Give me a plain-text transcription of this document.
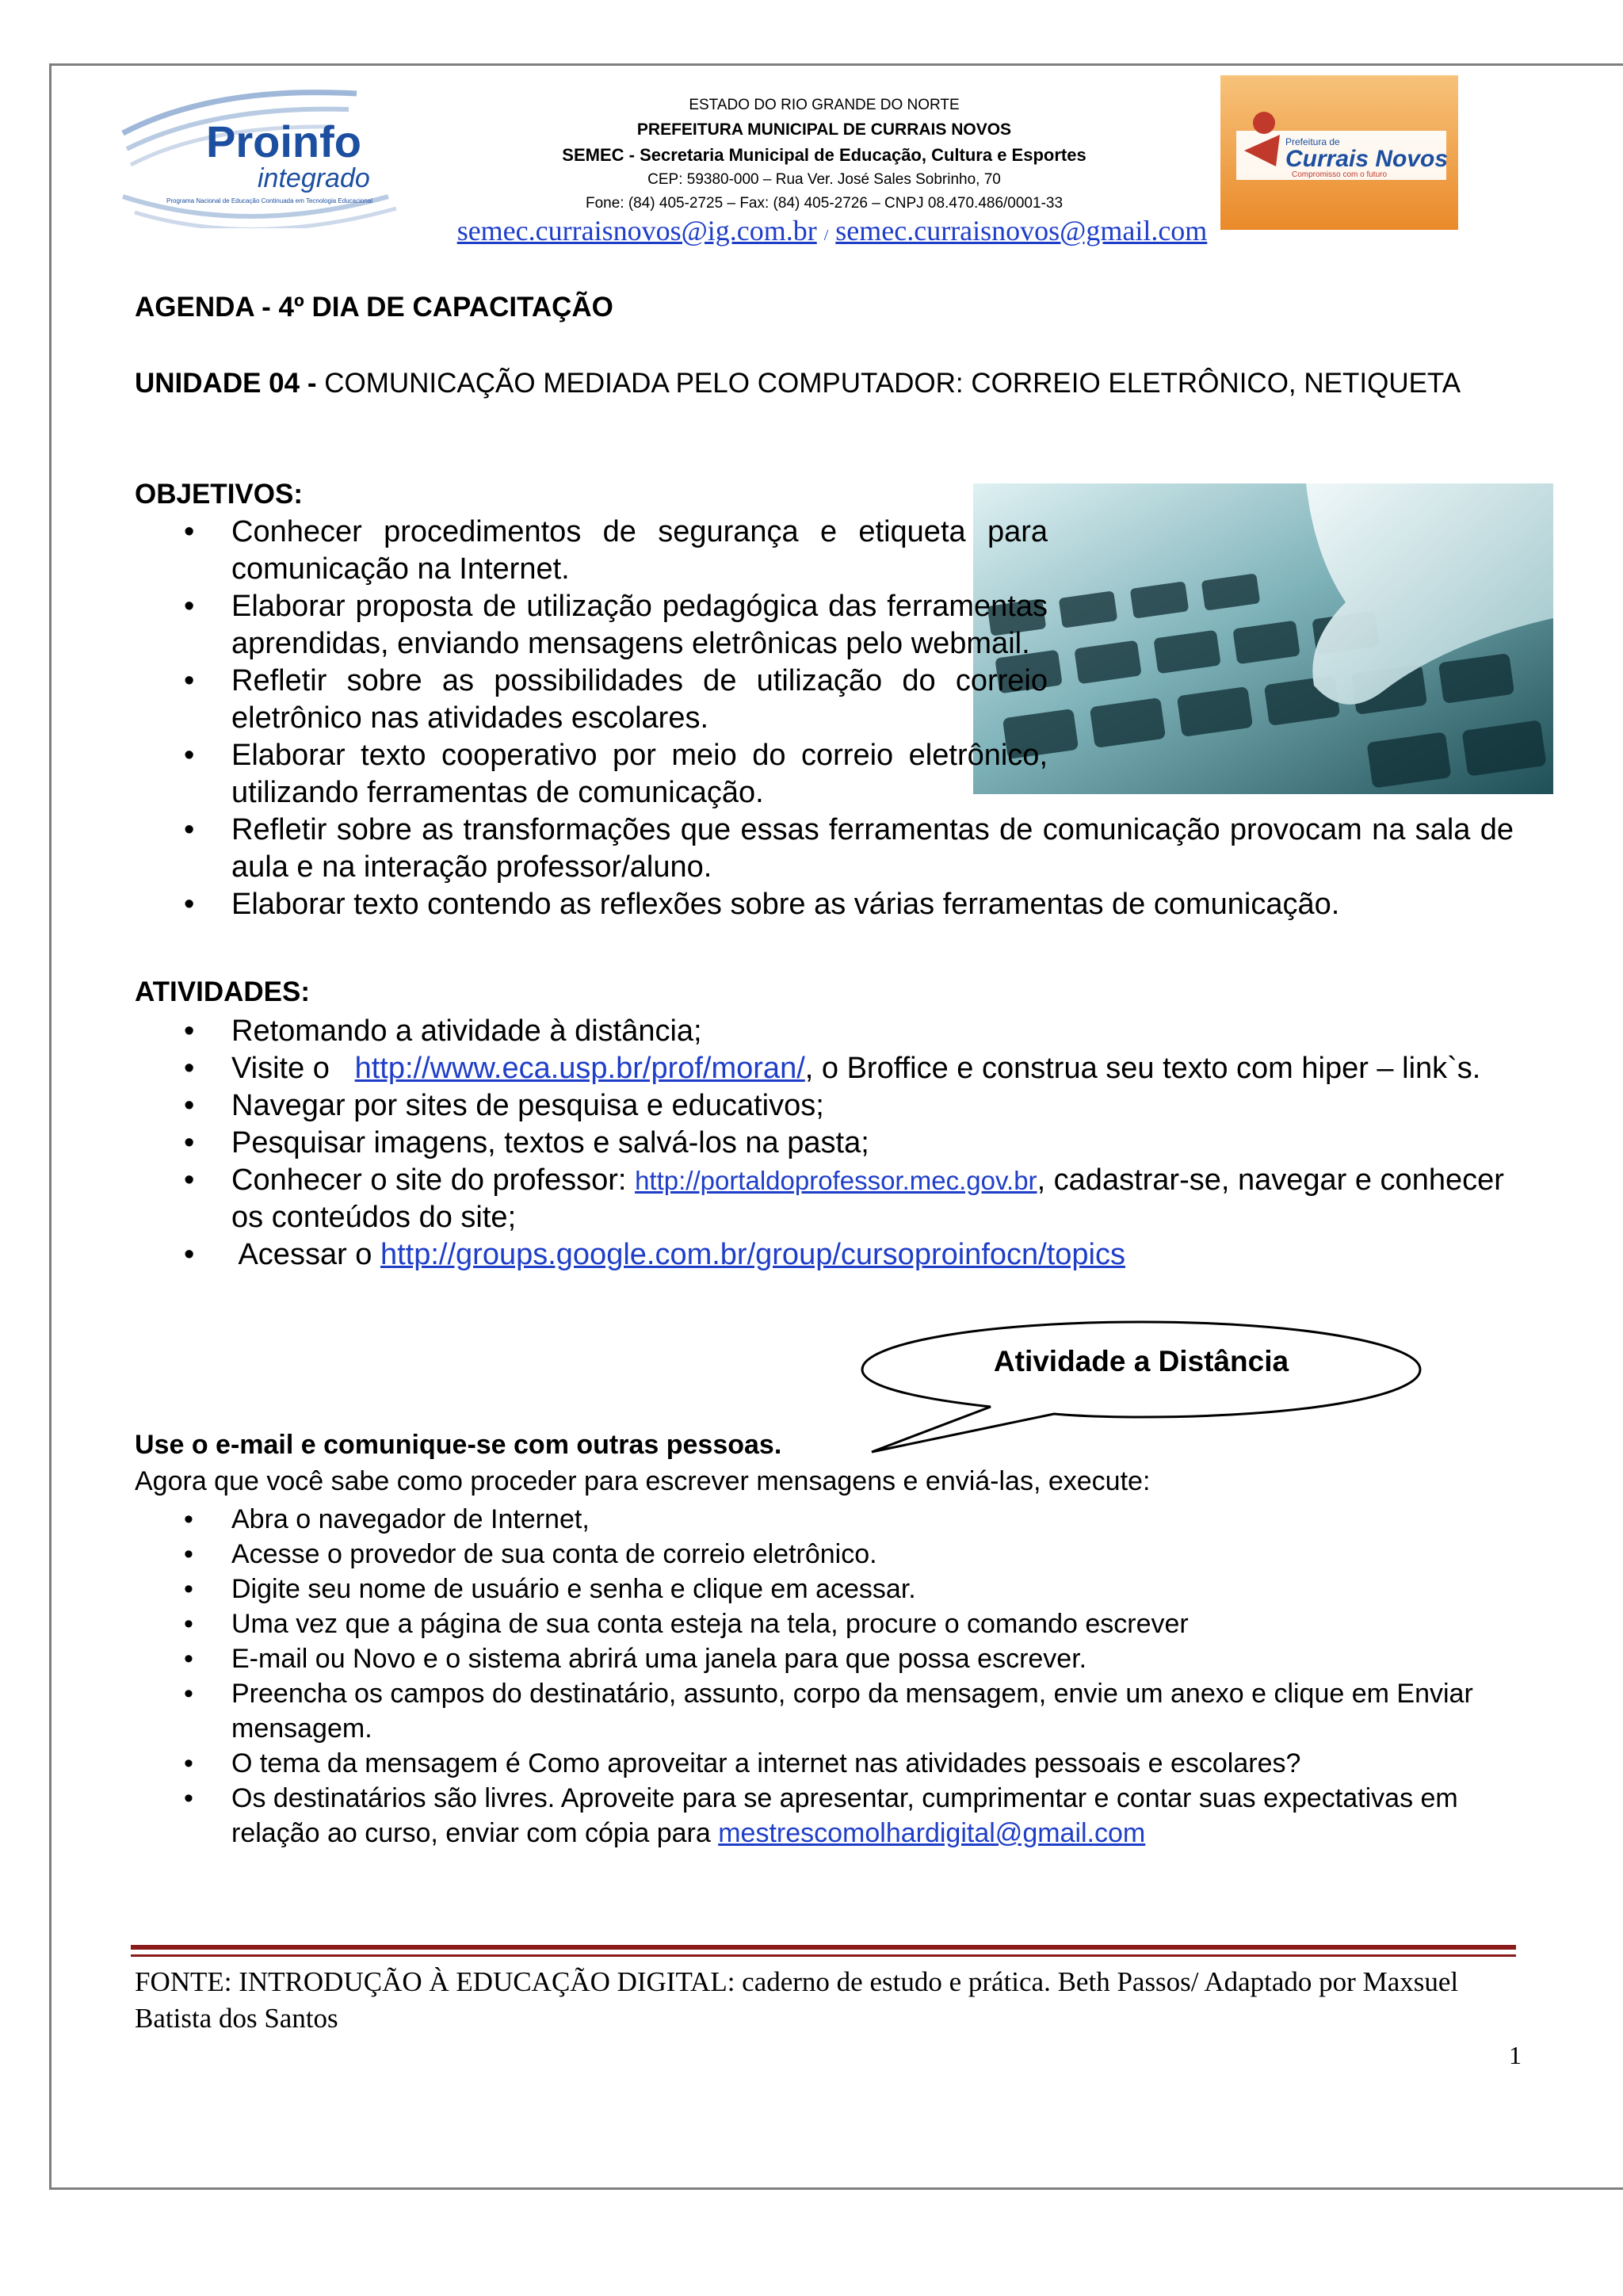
Proinfo
integrado
Programa Nacional de Educação Continuada em Tecnologia Educacional
ESTADO DO RIO GRANDE DO NORTE
PREFEITURA MUNICIPAL DE CURRAIS NOVOS
SEMEC - Secretaria Municipal de Educação, Cultura e Esportes
CEP: 59380-000 – Rua Ver. José Sales Sobrinho, 70
Fone: (84) 405-2725 – Fax: (84) 405-2726 – CNPJ 08.470.486/0001-33
Prefeitura de
Currais Novos
Compromisso com o futuro
semec.curraisnovos@ig.com.br / semec.curraisnovos@gmail.com
AGENDA - 4º DIA DE CAPACITAÇÃO
UNIDADE 04 - COMUNICAÇÃO MEDIADA PELO COMPUTADOR: CORREIO ELETRÔNICO, NETIQUETA
OBJETIVOS:
• Conhecer procedimentos de segurança e etiqueta para comunicação na Internet.
• Elaborar proposta de utilização pedagógica das ferramentas aprendidas, enviando mensagens eletrônicas pelo webmail.
• Refletir sobre as possibilidades de utilização do correio eletrônico nas atividades escolares.
• Elaborar texto cooperativo por meio do correio eletrônico, utilizando ferramentas de comunicação.
• Refletir sobre as transformações que essas ferramentas de comunicação provocam na sala de aula e na interação professor/aluno.
• Elaborar texto contendo as reflexões sobre as várias ferramentas de comunicação.
ATIVIDADES:
• Retomando a atividade à distância;
• Visite o   http://www.eca.usp.br/prof/moran/, o Broffice e construa seu texto com hiper – link`s.
• Navegar por sites de pesquisa e educativos;
• Pesquisar imagens, textos e salvá-los na pasta;
• Conhecer o site do professor: http://portaldoprofessor.mec.gov.br, cadastrar-se, navegar e conhecer os conteúdos do site;
•  Acessar o http://groups.google.com.br/group/cursoproinfocn/topics
Atividade a Distância
Use o e-mail e comunique-se com outras pessoas.
Agora que você sabe como proceder para escrever mensagens e enviá-las, execute:
• Abra o navegador de Internet,
• Acesse o provedor de sua conta de correio eletrônico.
• Digite seu nome de usuário e senha e clique em acessar.
• Uma vez que a página de sua conta esteja na tela, procure o comando escrever
• E-mail ou Novo e o sistema abrirá uma janela para que possa escrever.
• Preencha os campos do destinatário, assunto, corpo da mensagem, envie um anexo e clique em Enviar mensagem.
• O tema da mensagem é Como aproveitar a internet nas atividades pessoais e escolares?
• Os destinatários são livres. Aproveite para se apresentar, cumprimentar e contar suas expectativas em relação ao curso, enviar com cópia para mestrescomolhardigital@gmail.com
FONTE: INTRODUÇÃO À EDUCAÇÃO DIGITAL: caderno de estudo e prática. Beth Passos/ Adaptado por Maxsuel Batista dos Santos
1
